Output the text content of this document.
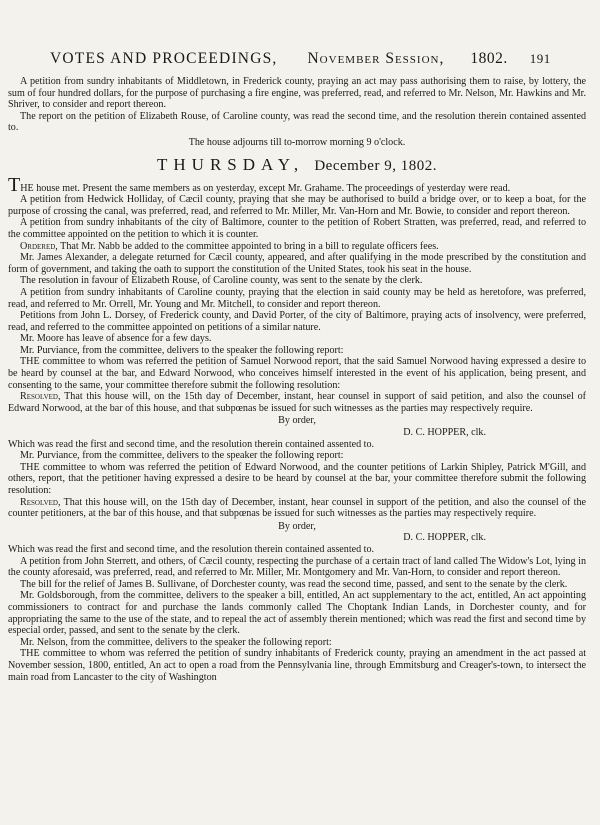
VOTES AND PROCEEDINGS, November Session, 1802. 191

A petition from sundry inhabitants of Middletown, in Frederick county, praying an act may pass authorising them to raise, by lottery, the sum of four hundred dollars, for the purpose of purchasing a fire engine, was preferred, read, and referred to Mr. Nelson, Mr. Hawkins and Mr. Shriver, to consider and report thereon.

The report on the petition of Elizabeth Rouse, of Caroline county, was read the second time, and the resolution therein contained assented to.

The house adjourns till to-morrow morning 9 o'clock.

THURSDAY, December 9, 1802.

THE house met. Present the same members as on yesterday, except Mr. Grahame. The proceedings of yesterday were read.

A petition from Hedwick Holliday, of Cæcil county, praying that she may be authorised to build a bridge over, or to keep a boat, for the purpose of crossing the canal, was preferred, read, and referred to Mr. Miller, Mr. Van-Horn and Mr. Bowie, to consider and report thereon.

A petition from sundry inhabitants of the city of Baltimore, counter to the petition of Robert Stratten, was preferred, read, and referred to the committee appointed on the petition to which it is counter.

Ordered, That Mr. Nabb be added to the committee appointed to bring in a bill to regulate officers fees.

Mr. James Alexander, a delegate returned for Cæcil county, appeared, and after qualifying in the mode prescribed by the constitution and form of government, and taking the oath to support the constitution of the United States, took his seat in the house.

The resolution in favour of Elizabeth Rouse, of Caroline county, was sent to the senate by the clerk.

A petition from sundry inhabitants of Caroline county, praying that the election in said county may be held as heretofore, was preferred, read, and referred to Mr. Orrell, Mr. Young and Mr. Mitchell, to consider and report thereon.

Petitions from John L. Dorsey, of Frederick county, and David Porter, of the city of Baltimore, praying acts of insolvency, were preferred, read, and referred to the committee appointed on petitions of a similar nature.

Mr. Moore has leave of absence for a few days.

Mr. Purviance, from the committee, delivers to the speaker the following report:

THE committee to whom was referred the petition of Samuel Norwood report, that the said Samuel Norwood having expressed a desire to be heard by counsel at the bar, and Edward Norwood, who conceives himself interested in the event of his application, being present, and consenting to the same, your committee therefore submit the following resolution:

Resolved, That this house will, on the 15th day of December, instant, hear counsel in support of said petition, and also the counsel of Edward Norwood, at the bar of this house, and that subpœnas be issued for such witnesses as the parties may respectively require.

By order,

D. C. HOPPER, clk.

Which was read the first and second time, and the resolution therein contained assented to.

Mr. Purviance, from the committee, delivers to the speaker the following report:

THE committee to whom was referred the petition of Edward Norwood, and the counter petitions of Larkin Shipley, Patrick M'Gill, and others, report, that the petitioner having expressed a desire to be heard by counsel at the bar, your committee therefore submit the following resolution:

Resolved, That this house will, on the 15th day of December, instant, hear counsel in support of the petition, and also the counsel of the counter petitioners, at the bar of this house, and that subpœnas be issued for such witnesses as the parties may respectively require.

By order,

D. C. HOPPER, clk.

Which was read the first and second time, and the resolution therein contained assented to.

A petition from John Sterrett, and others, of Cæcil county, respecting the purchase of a certain tract of land called The Widow's Lot, lying in the county aforesaid, was preferred, read, and referred to Mr. Miller, Mr. Montgomery and Mr. Van-Horn, to consider and report thereon.

The bill for the relief of James B. Sullivane, of Dorchester county, was read the second time, passed, and sent to the senate by the clerk.

Mr. Goldsborough, from the committee, delivers to the speaker a bill, entitled, An act supplementary to the act, entitled, An act appointing commissioners to contract for and purchase the lands commonly called The Choptank Indian Lands, in Dorchester county, and for appropriating the same to the use of the state, and to repeal the act of assembly therein mentioned; which was read the first and second time by especial order, passed, and sent to the senate by the clerk.

Mr. Nelson, from the committee, delivers to the speaker the following report:

THE committee to whom was referred the petition of sundry inhabitants of Frederick county, praying an amendment in the act passed at November session, 1800, entitled, An act to open a road from the Pennsylvania line, through Emmitsburg and Creager's-town, to intersect the main road from Lancaster to the city of Washington
